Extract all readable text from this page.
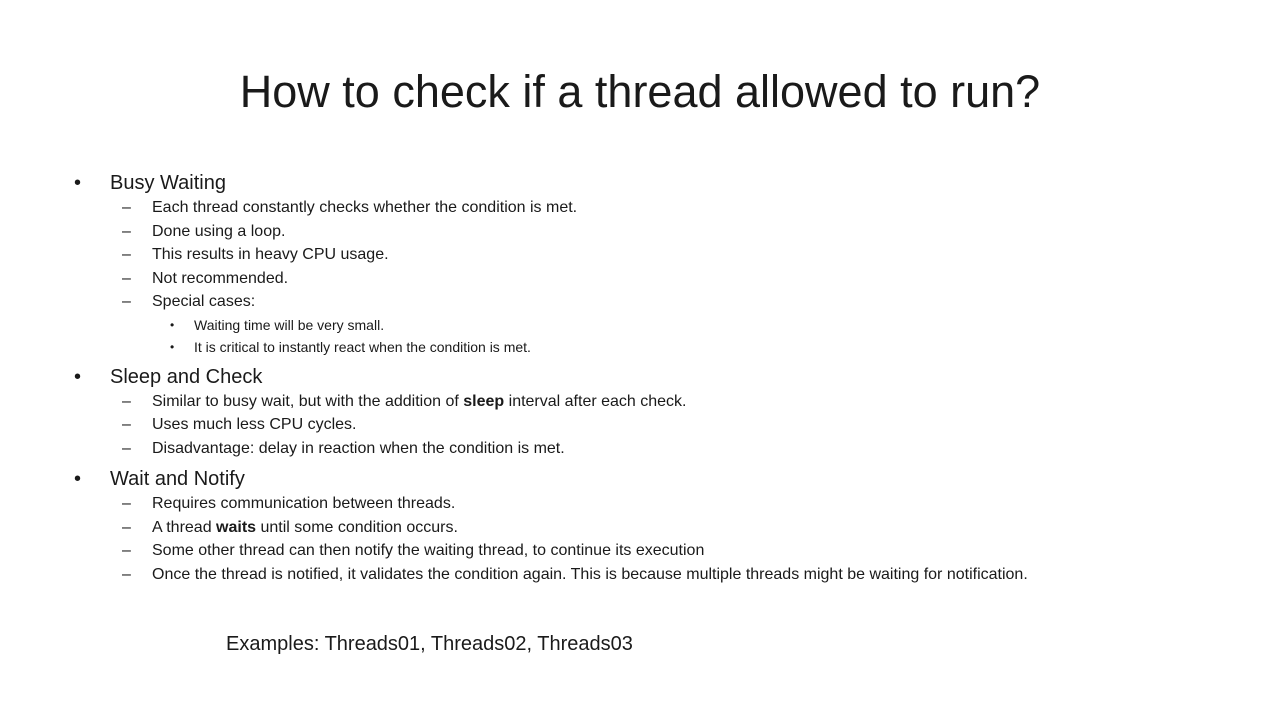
How to check if a thread allowed to run?
• Busy Waiting
– Each thread constantly checks whether the condition is met.
– Done using a loop.
– This results in heavy CPU usage.
– Not recommended.
– Special cases:
• Waiting time will be very small.
• It is critical to instantly react when the condition is met.
• Sleep and Check
– Similar to busy wait, but with the addition of sleep interval after each check.
– Uses much less CPU cycles.
– Disadvantage: delay in reaction when the condition is met.
• Wait and Notify
– Requires communication between threads.
– A thread waits until some condition occurs.
– Some other thread can then notify the waiting thread, to continue its execution
– Once the thread is notified, it validates the condition again. This is because multiple threads might be waiting for notification.
Examples: Threads01, Threads02, Threads03
